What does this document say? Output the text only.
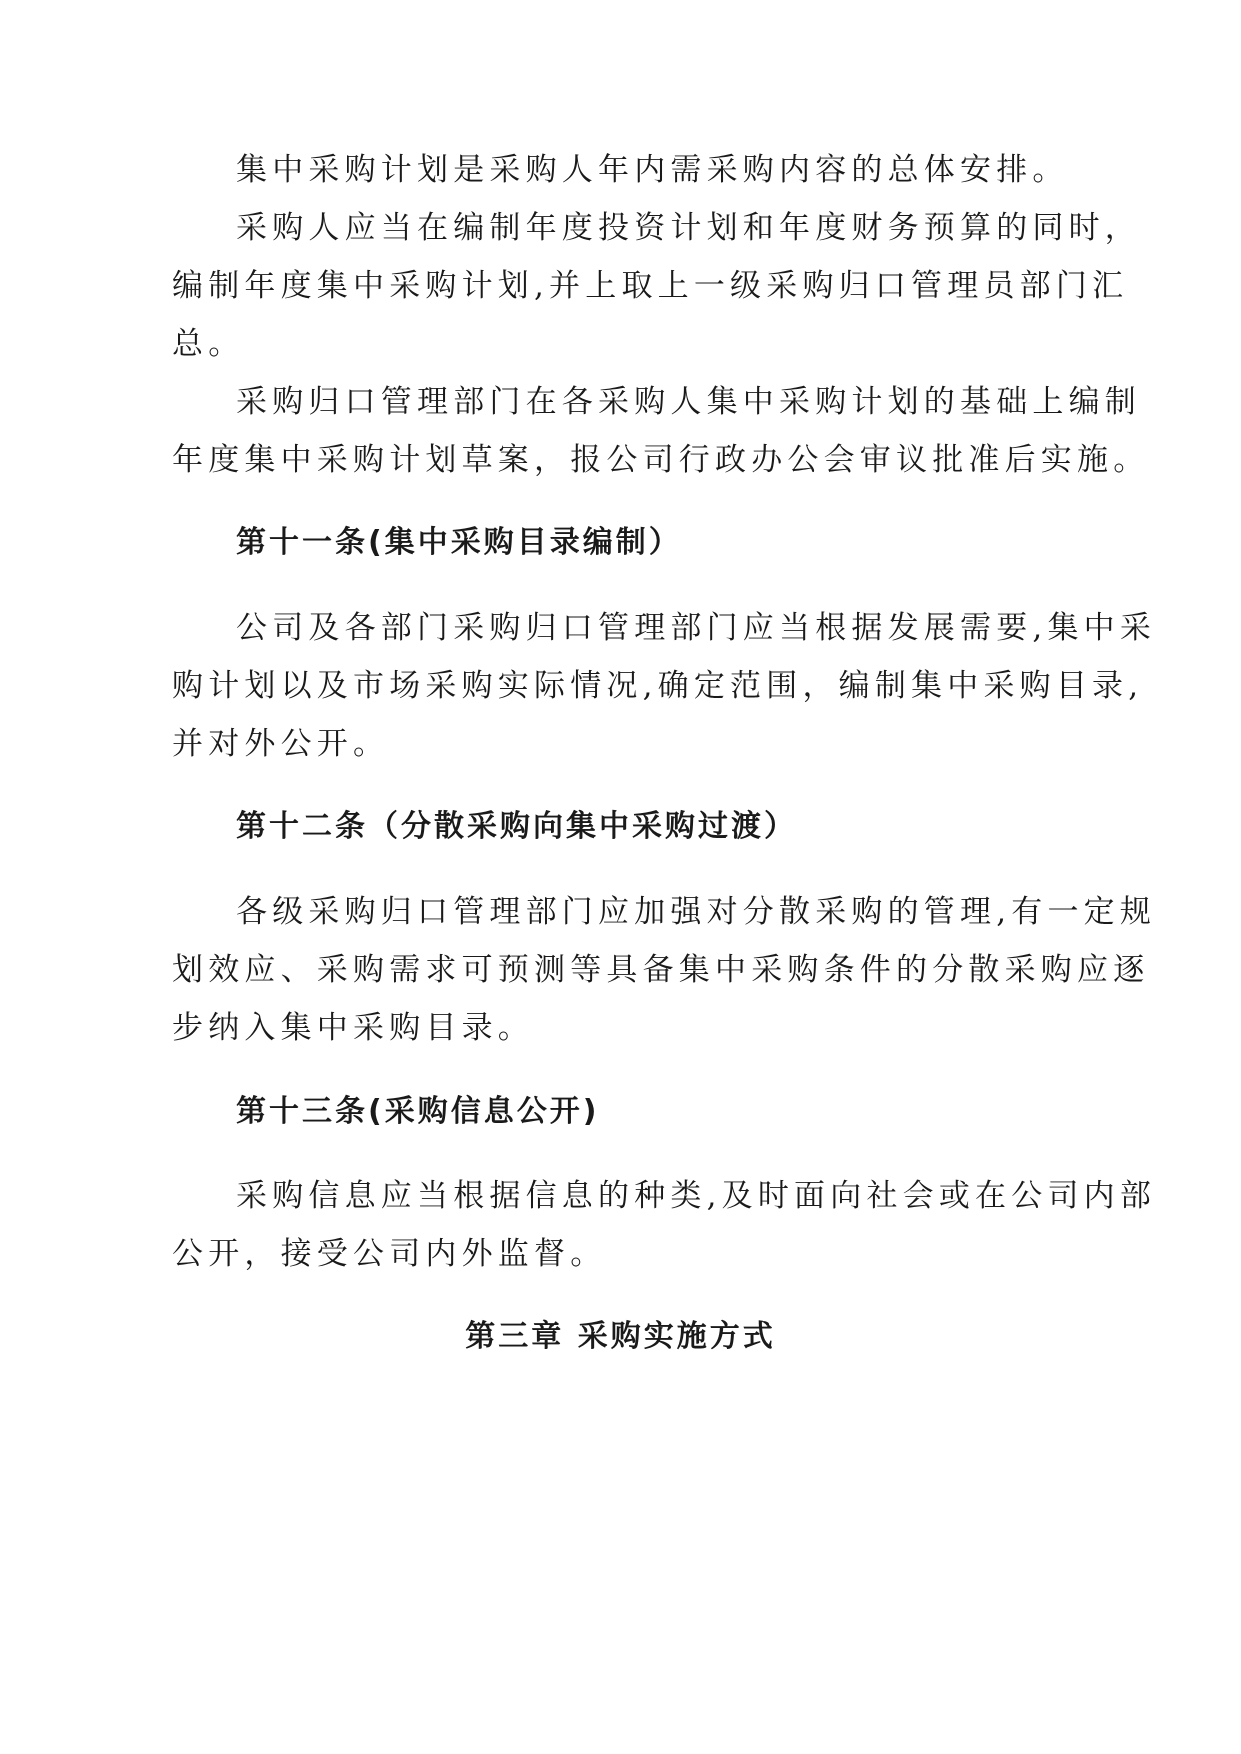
集中采购计划是采购人年内需采购内容的总体安排。
采购人应当在编制年度投资计划和年度财务预算的同时，
编制年度集中采购计划,并上取上一级采购归口管理员部门汇
总。
采购归口管理部门在各采购人集中采购计划的基础上编制
年度集中采购计划草案，报公司行政办公会审议批准后实施。
第十一条(集中采购目录编制）
公司及各部门采购归口管理部门应当根据发展需要,集中采
购计划以及市场采购实际情况,确定范围，编制集中采购目录,
并对外公开。
第十二条（分散采购向集中采购过渡）
各级采购归口管理部门应加强对分散采购的管理,有一定规
划效应、采购需求可预测等具备集中采购条件的分散采购应逐
步纳入集中采购目录。
第十三条(采购信息公开)
采购信息应当根据信息的种类,及时面向社会或在公司内部
公开，接受公司内外监督。
第三章 采购实施方式
